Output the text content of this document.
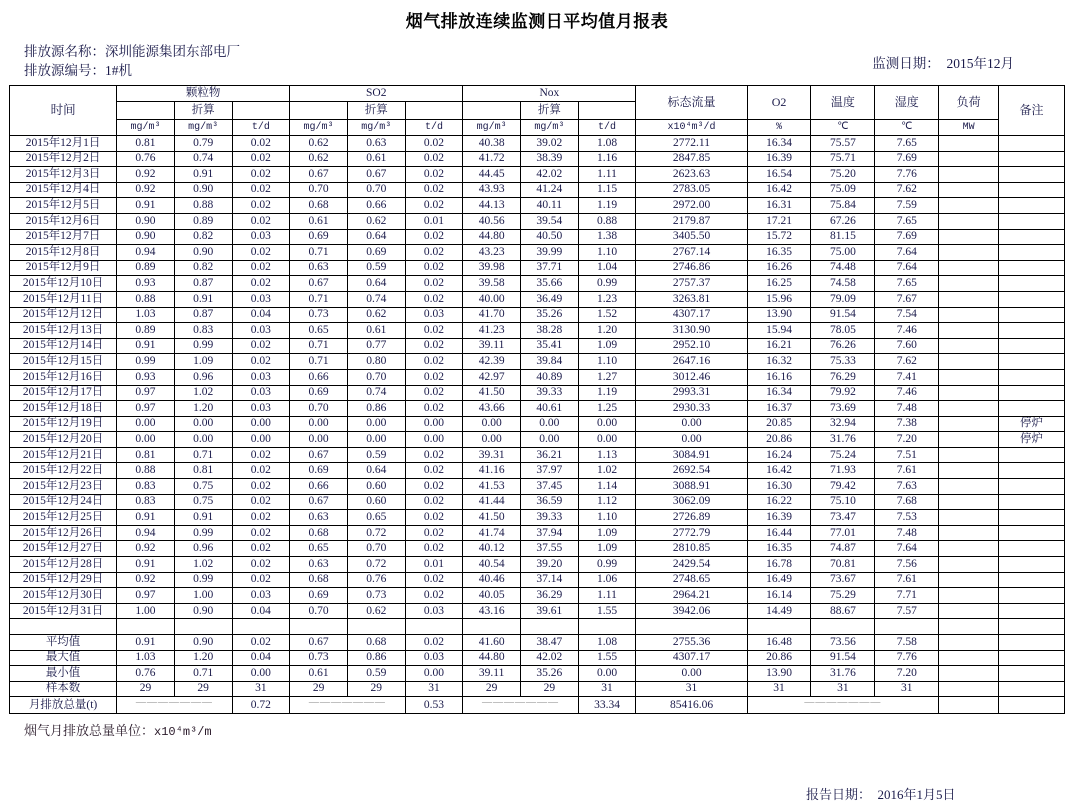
烟气排放连续监测日平均值月报表
排放源名称：深圳能源集团东部电厂
排放源编号：1#机	监测日期： 2015年12月
时间	颗粒物			SO2			Nox			标态流量	O2	温度	湿度	负荷	备注
		折算			折算			折算							
	mg/m³	mg/m³	t/d	mg/m³	mg/m³	t/d	mg/m³	mg/m³	t/d	x10⁴m³/d	%	℃	℃	MW	
2015年12月1日	0.81	0.79	0.02	0.62	0.63	0.02	40.38	39.02	1.08	2772.11	16.34	75.57	7.65		
2015年12月2日	0.76	0.74	0.02	0.62	0.61	0.02	41.72	38.39	1.16	2847.85	16.39	75.71	7.69		
2015年12月3日	0.92	0.91	0.02	0.67	0.67	0.02	44.45	42.02	1.11	2623.63	16.54	75.20	7.76		
2015年12月4日	0.92	0.90	0.02	0.70	0.70	0.02	43.93	41.24	1.15	2783.05	16.42	75.09	7.62		
2015年12月5日	0.91	0.88	0.02	0.68	0.66	0.02	44.13	40.11	1.19	2972.00	16.31	75.84	7.59		
2015年12月6日	0.90	0.89	0.02	0.61	0.62	0.01	40.56	39.54	0.88	2179.87	17.21	67.26	7.65		
2015年12月7日	0.90	0.82	0.03	0.69	0.64	0.02	44.80	40.50	1.38	3405.50	15.72	81.15	7.69		
2015年12月8日	0.94	0.90	0.02	0.71	0.69	0.02	43.23	39.99	1.10	2767.14	16.35	75.00	7.64		
2015年12月9日	0.89	0.82	0.02	0.63	0.59	0.02	39.98	37.71	1.04	2746.86	16.26	74.48	7.64		
2015年12月10日	0.93	0.87	0.02	0.67	0.64	0.02	39.58	35.66	0.99	2757.37	16.25	74.58	7.65		
2015年12月11日	0.88	0.91	0.03	0.71	0.74	0.02	40.00	36.49	1.23	3263.81	15.96	79.09	7.67		
2015年12月12日	1.03	0.87	0.04	0.73	0.62	0.03	41.70	35.26	1.52	4307.17	13.90	91.54	7.54		
2015年12月13日	0.89	0.83	0.03	0.65	0.61	0.02	41.23	38.28	1.20	3130.90	15.94	78.05	7.46		
2015年12月14日	0.91	0.99	0.02	0.71	0.77	0.02	39.11	35.41	1.09	2952.10	16.21	76.26	7.60		
2015年12月15日	0.99	1.09	0.02	0.71	0.80	0.02	42.39	39.84	1.10	2647.16	16.32	75.33	7.62		
2015年12月16日	0.93	0.96	0.03	0.66	0.70	0.02	42.97	40.89	1.27	3012.46	16.16	76.29	7.41		
2015年12月17日	0.97	1.02	0.03	0.69	0.74	0.02	41.50	39.33	1.19	2993.31	16.34	79.92	7.46		
2015年12月18日	0.97	1.20	0.03	0.70	0.86	0.02	43.66	40.61	1.25	2930.33	16.37	73.69	7.48		
2015年12月19日	0.00	0.00	0.00	0.00	0.00	0.00	0.00	0.00	0.00	0.00	20.85	32.94	7.38		停炉
2015年12月20日	0.00	0.00	0.00	0.00	0.00	0.00	0.00	0.00	0.00	0.00	20.86	31.76	7.20		停炉
2015年12月21日	0.81	0.71	0.02	0.67	0.59	0.02	39.31	36.21	1.13	3084.91	16.24	75.24	7.51		
2015年12月22日	0.88	0.81	0.02	0.69	0.64	0.02	41.16	37.97	1.02	2692.54	16.42	71.93	7.61		
2015年12月23日	0.83	0.75	0.02	0.66	0.60	0.02	41.53	37.45	1.14	3088.91	16.30	79.42	7.63		
2015年12月24日	0.83	0.75	0.02	0.67	0.60	0.02	41.44	36.59	1.12	3062.09	16.22	75.10	7.68		
2015年12月25日	0.91	0.91	0.02	0.63	0.65	0.02	41.50	39.33	1.10	2726.89	16.39	73.47	7.53		
2015年12月26日	0.94	0.99	0.02	0.68	0.72	0.02	41.74	37.94	1.09	2772.79	16.44	77.01	7.48		
2015年12月27日	0.92	0.96	0.02	0.65	0.70	0.02	40.12	37.55	1.09	2810.85	16.35	74.87	7.64		
2015年12月28日	0.91	1.02	0.02	0.63	0.72	0.01	40.54	39.20	0.99	2429.54	16.78	70.81	7.56		
2015年12月29日	0.92	0.99	0.02	0.68	0.76	0.02	40.46	37.14	1.06	2748.65	16.49	73.67	7.61		
2015年12月30日	0.97	1.00	0.03	0.69	0.73	0.02	40.05	36.29	1.11	2964.21	16.14	75.29	7.71		
2015年12月31日	1.00	0.90	0.04	0.70	0.62	0.03	43.16	39.61	1.55	3942.06	14.49	88.67	7.57		

平均值	0.91	0.90	0.02	0.67	0.68	0.02	41.60	38.47	1.08	2755.36	16.48	73.56	7.58		
最大值	1.03	1.20	0.04	0.73	0.86	0.03	44.80	42.02	1.55	4307.17	20.86	91.54	7.76		
最小值	0.76	0.71	0.00	0.61	0.59	0.00	39.11	35.26	0.00	0.00	13.90	31.76	7.20		
样本数	29	29	31	29	29	31	29	29	31	31	31	31	31		
月排放总量(t)	———————		0.72	———————		0.53	———————		33.34	85416.06	———————				
烟气月排放总量单位：x10⁴m³/m
报告日期： 2016年1月5日
